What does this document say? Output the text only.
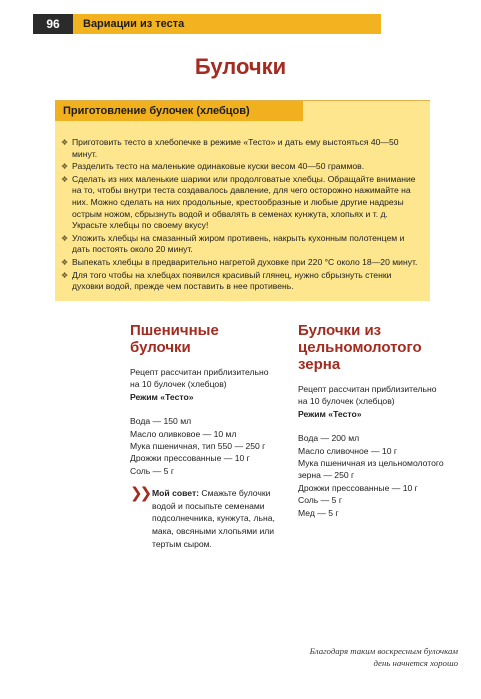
96	Вариации из теста
Булочки
Приготовление булочек (хлебцов)
❖ Приготовить тесто в хлебопечке в режиме «Тесто» и дать ему выстояться 40—50 минут.
❖ Разделить тесто на маленькие одинаковые куски весом 40—50 граммов.
❖ Сделать из них маленькие шарики или продолговатые хлебцы. Обращайте внимание на то, чтобы внутри теста создавалось давление, для чего осторожно нажимайте на них. Можно сделать на них продольные, крестообразные и любые другие надрезы острым ножом, сбрызнуть водой и обвалять в семенах кунжута, хлопьях и т. д. Украсьте хлебцы по своему вкусу!
❖ Уложить хлебцы на смазанный жиром противень, накрыть кухонным полотенцем и дать постоять около 20 минут.
❖ Выпекать хлебцы в предварительно нагретой духовке при 220 °С около 18—20 минут.
❖ Для того чтобы на хлебцах появился красивый глянец, нужно сбрызнуть стенки духовки водой, прежде чем поставить в нее противень.
Пшеничные булочки

Рецепт рассчитан приблизительно на 10 булочек (хлебцов)

Режим «Тесто»

Вода — 150 мл

Масло оливковое — 10 мл

Мука пшеничная, тип 550 — 250 г

Дрожжи прессованные — 10 г

Соль — 5 г

❯❯ Мой совет: Смажьте булочки водой и посыпьте семенами подсолнечника, кунжута, льна, мака, овсяными хлопьями или тертым сыром.
Булочки из цельномолотого зерна

Рецепт рассчитан приблизительно на 10 булочек (хлебцов)

Режим «Тесто»

Вода — 200 мл

Масло сливочное — 10 г

Мука пшеничная из цельномолотого зерна — 250 г

Дрожжи прессованные — 10 г

Соль — 5 г

Мед — 5 г

Благодаря таким воскресным булочкам день начнется хорошо
